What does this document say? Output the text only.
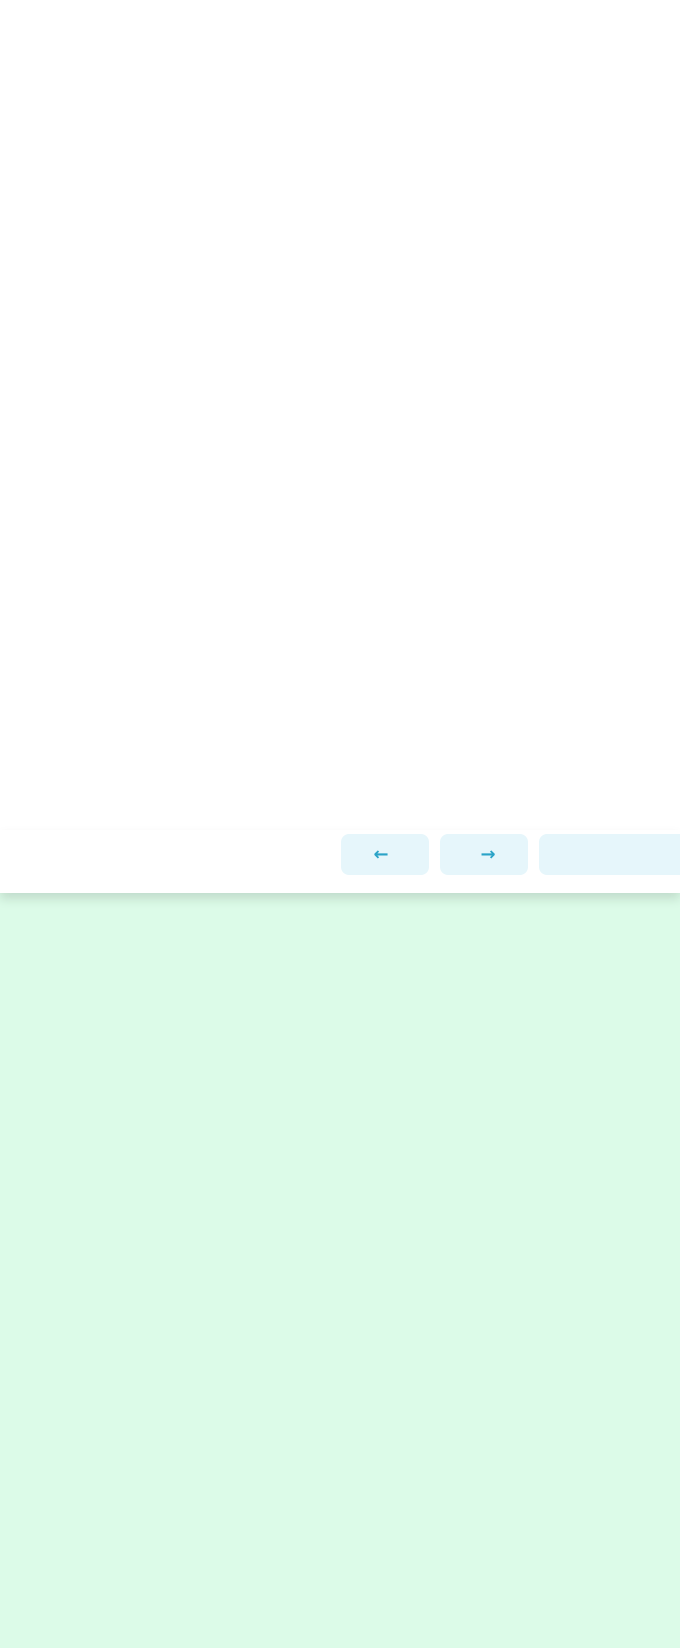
←	→
